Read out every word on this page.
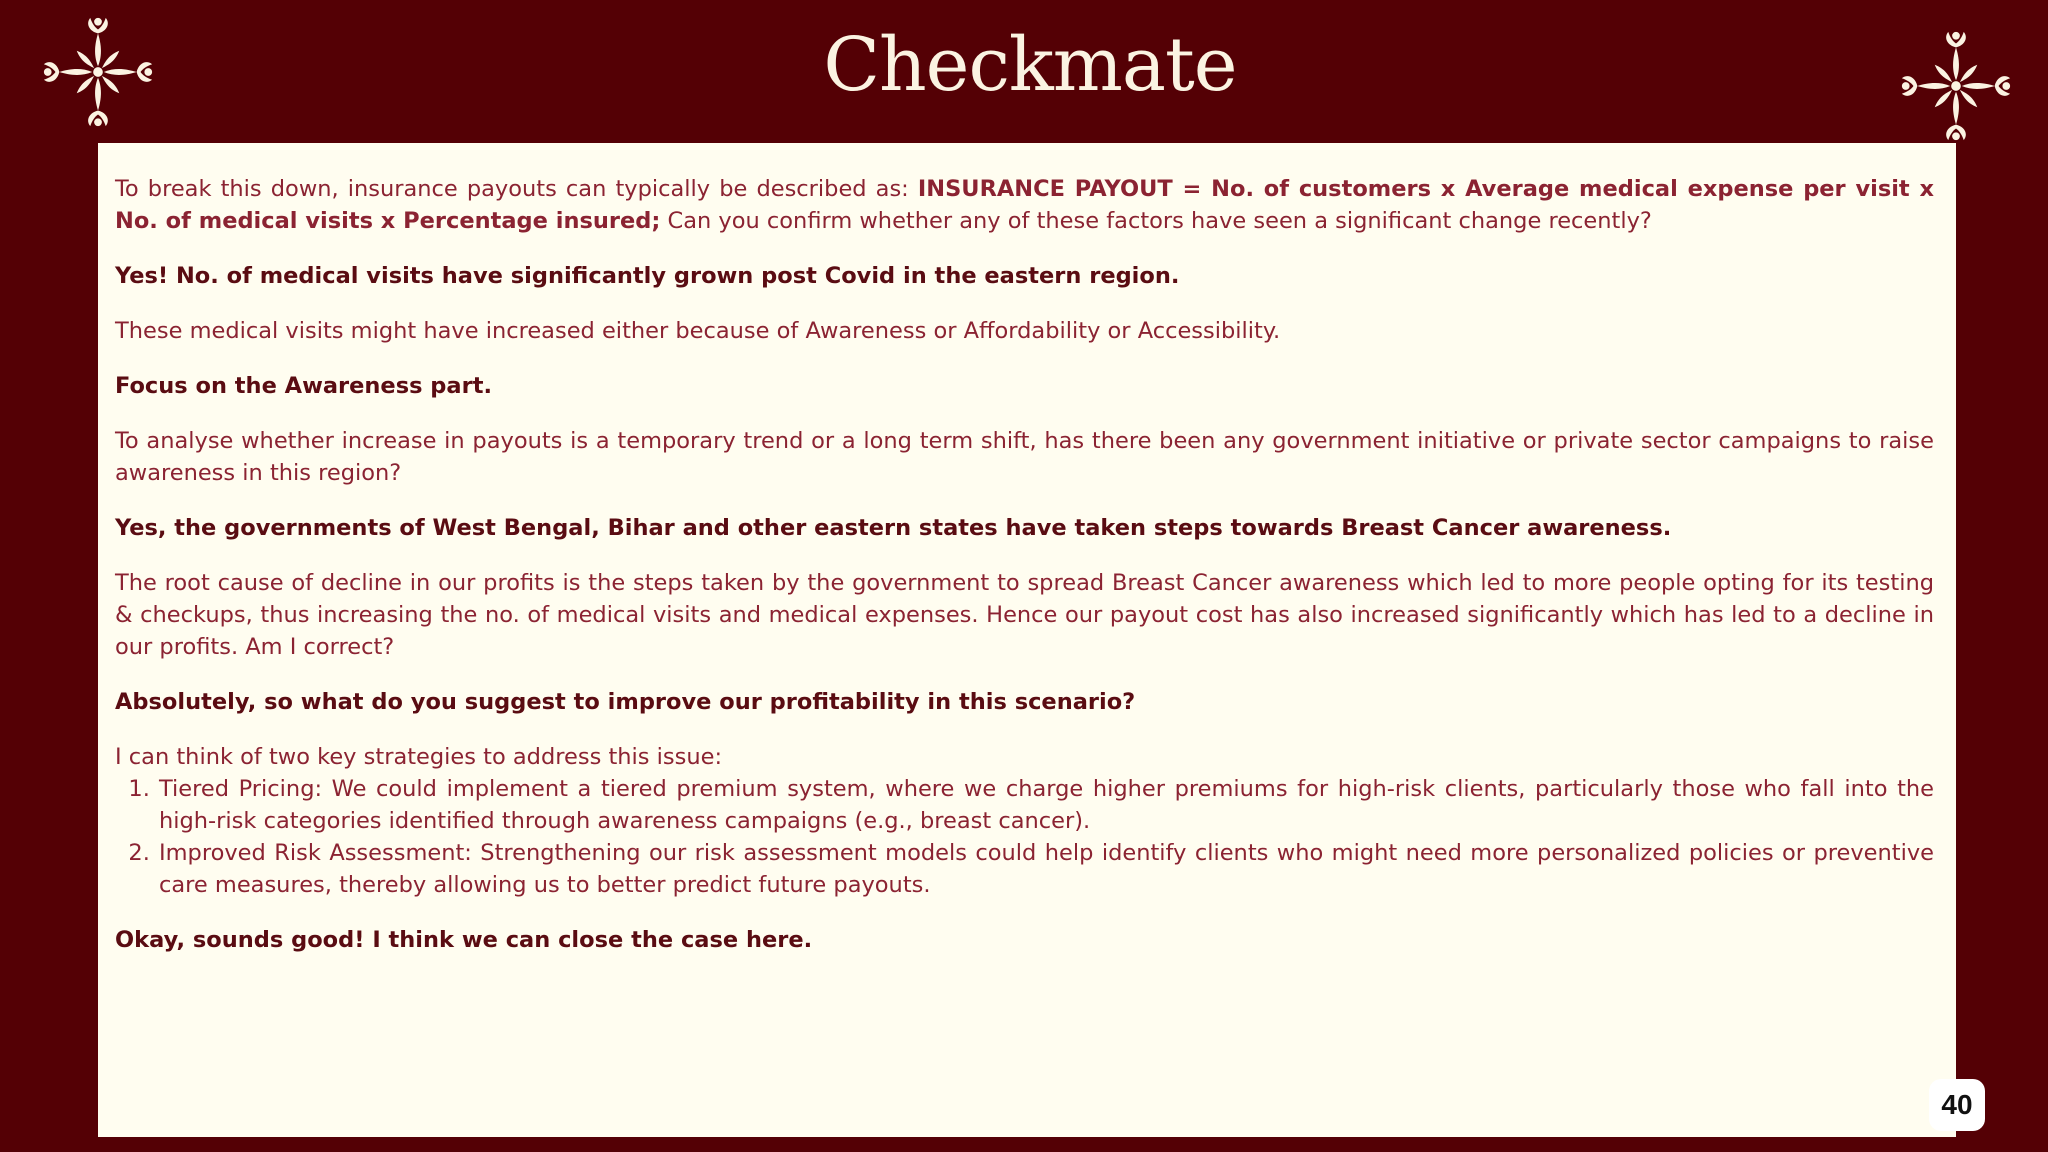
Checkmate

To break this down, insurance payouts can typically be described as: INSURANCE PAYOUT = No. of customers x Average medical expense per visit x No. of medical visits x Percentage insured; Can you confirm whether any of these factors have seen a significant change recently?

Yes! No. of medical visits have significantly grown post Covid in the eastern region.

These medical visits might have increased either because of Awareness or Affordability or Accessibility.

Focus on the Awareness part.

To analyse whether increase in payouts is a temporary trend or a long term shift, has there been any government initiative or private sector campaigns to raise awareness in this region?

Yes, the governments of West Bengal, Bihar and other eastern states have taken steps towards Breast Cancer awareness.

The root cause of decline in our profits is the steps taken by the government to spread Breast Cancer awareness which led to more people opting for its testing & checkups, thus increasing the no. of medical visits and medical expenses. Hence our payout cost has also increased significantly which has led to a decline in our profits. Am I correct?

Absolutely, so what do you suggest to improve our profitability in this scenario?

I can think of two key strategies to address this issue:
1. Tiered Pricing: We could implement a tiered premium system, where we charge higher premiums for high-risk clients, particularly those who fall into the high-risk categories identified through awareness campaigns (e.g., breast cancer).
2. Improved Risk Assessment: Strengthening our risk assessment models could help identify clients who might need more personalized policies or preventive care measures, thereby allowing us to better predict future payouts.

Okay, sounds good! I think we can close the case here.

40
